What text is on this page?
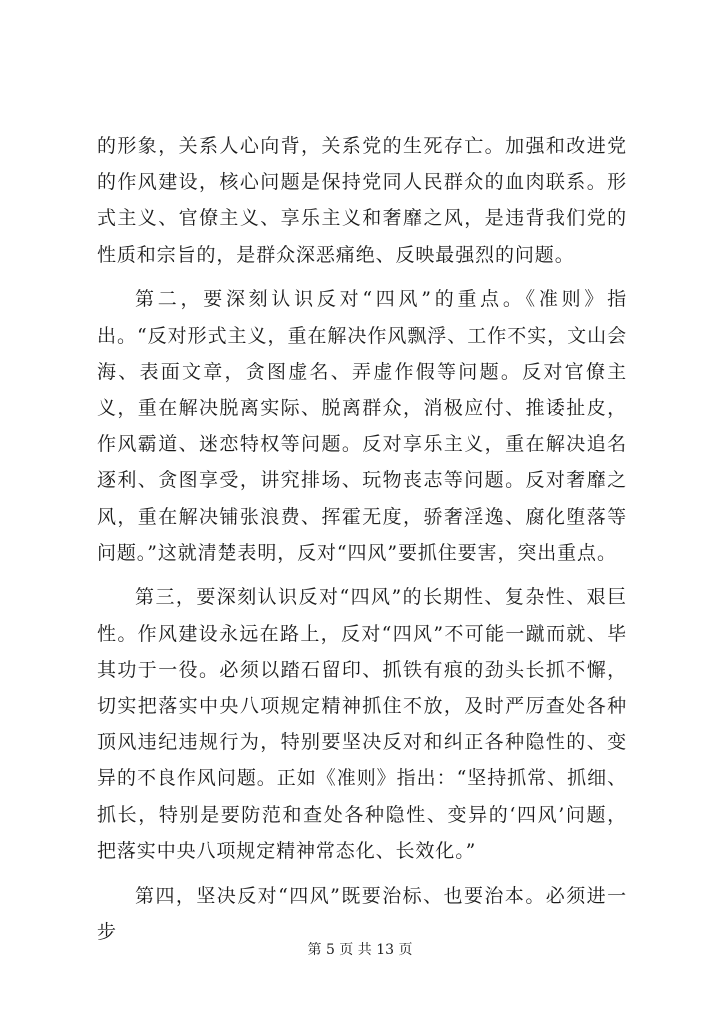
的形象，关系人心向背，关系党的生死存亡。加强和改进党的作风建设，核心问题是保持党同人民群众的血肉联系。形式主义、官僚主义、享乐主义和奢靡之风，是违背我们党的性质和宗旨的，是群众深恶痛绝、反映最强烈的问题。

第二，要深刻认识反对“四风”的重点。《准则》指出。“反对形式主义，重在解决作风飘浮、工作不实，文山会海、表面文章，贪图虚名、弄虚作假等问题。反对官僚主义，重在解决脱离实际、脱离群众，消极应付、推诿扯皮，作风霸道、迷恋特权等问题。反对享乐主义，重在解决追名逐利、贪图享受，讲究排场、玩物丧志等问题。反对奢靡之风，重在解决铺张浪费、挥霍无度，骄奢淫逸、腐化堕落等问题。”这就清楚表明，反对“四风”要抓住要害，突出重点。

第三，要深刻认识反对“四风”的长期性、复杂性、艰巨性。作风建设永远在路上，反对“四风”不可能一蹴而就、毕其功于一役。必须以踏石留印、抓铁有痕的劲头长抓不懈，切实把落实中央八项规定精神抓住不放，及时严厉查处各种顶风违纪违规行为，特别要坚决反对和纠正各种隐性的、变异的不良作风问题。正如《准则》指出：“坚持抓常、抓细、抓长，特别是要防范和查处各种隐性、变异的‘四风’问题，把落实中央八项规定精神常态化、长效化。”

第四，坚决反对“四风”既要治标、也要治本。必须进一步

第 5 页 共 13 页
